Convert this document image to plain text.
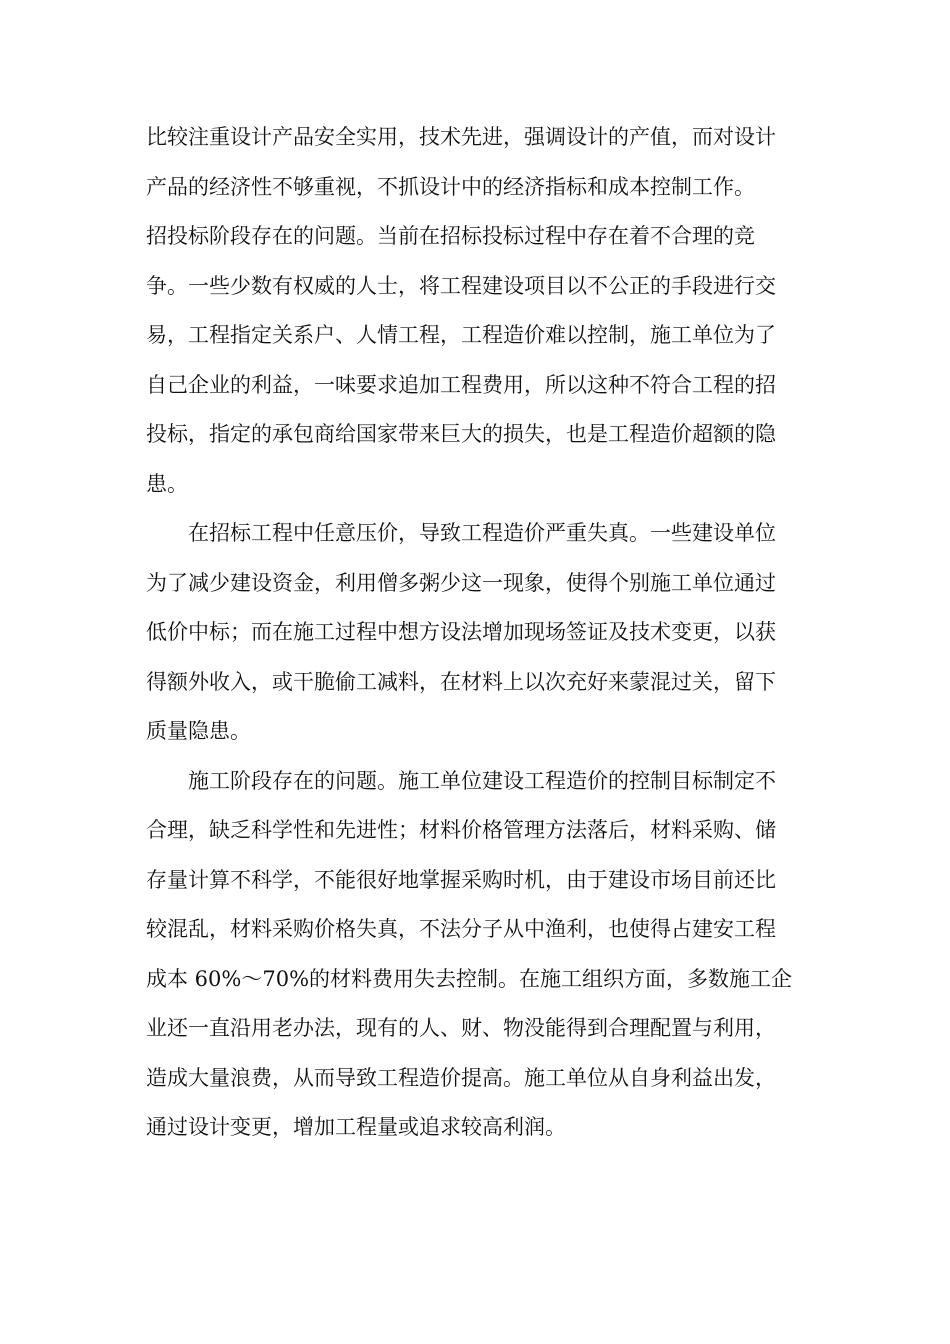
比较注重设计产品安全实用，技术先进，强调设计的产值，而对设计
产品的经济性不够重视，不抓设计中的经济指标和成本控制工作。
招投标阶段存在的问题。当前在招标投标过程中存在着不合理的竞
争。一些少数有权威的人士，将工程建设项目以不公正的手段进行交
易，工程指定关系户、人情工程，工程造价难以控制，施工单位为了
自己企业的利益，一味要求追加工程费用，所以这种不符合工程的招
投标，指定的承包商给国家带来巨大的损失，也是工程造价超额的隐
患。
在招标工程中任意压价，导致工程造价严重失真。一些建设单位
为了减少建设资金，利用僧多粥少这一现象，使得个别施工单位通过
低价中标；而在施工过程中想方设法增加现场签证及技术变更，以获
得额外收入，或干脆偷工减料，在材料上以次充好来蒙混过关，留下
质量隐患。
施工阶段存在的问题。施工单位建设工程造价的控制目标制定不
合理，缺乏科学性和先进性；材料价格管理方法落后，材料采购、储
存量计算不科学，不能很好地掌握采购时机，由于建设市场目前还比
较混乱，材料采购价格失真，不法分子从中渔利，也使得占建安工程
成本 60%～70%的材料费用失去控制。在施工组织方面，多数施工企
业还一直沿用老办法，现有的人、财、物没能得到合理配置与利用，
造成大量浪费，从而导致工程造价提高。施工单位从自身利益出发，
通过设计变更，增加工程量或追求较高利润。
